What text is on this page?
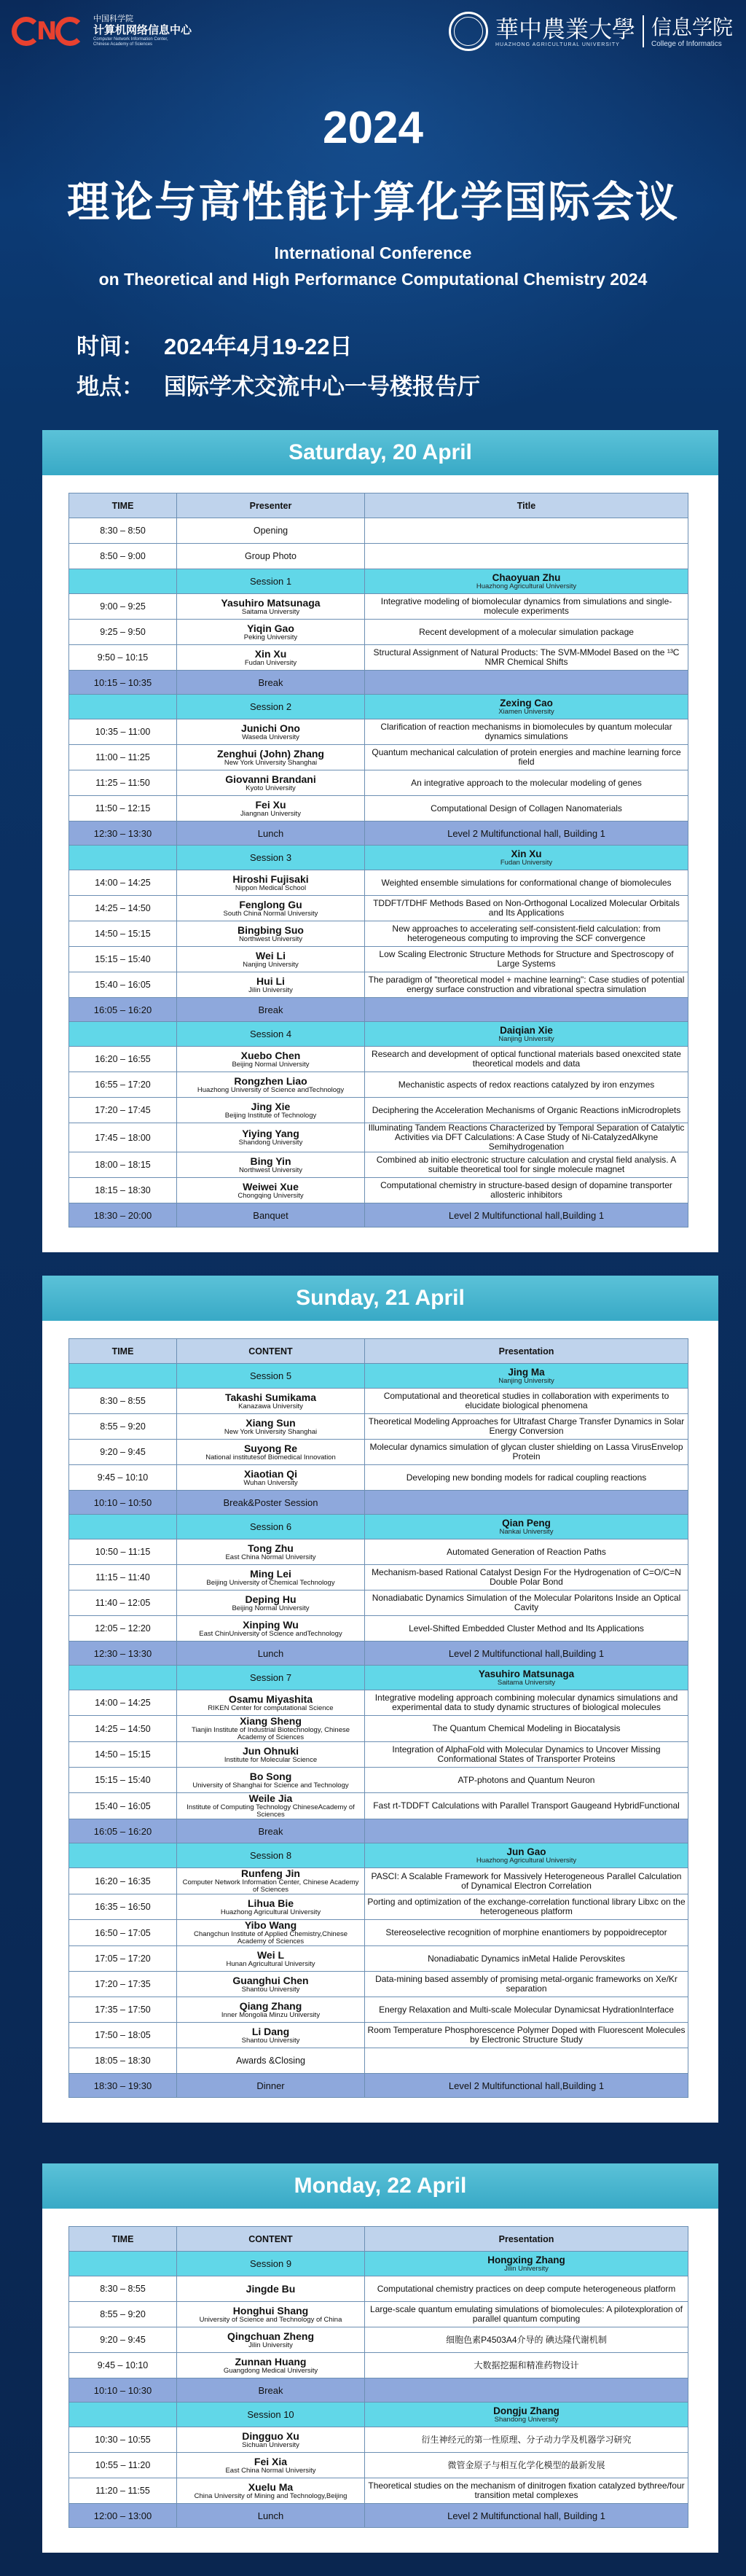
N	中国科学院
计算机网络信息中心
Computer Network Information Center,
Chinese Academy of Sciences
華中農業大學
HUAZHONG AGRICULTURAL UNIVERSITY
信息学院
College of Informatics
2024
理论与高性能计算化学国际会议
International Conference
on Theoretical and High Performance Computational Chemistry 2024
时间： 2024年4月19-22日
地点： 国际学术交流中心一号楼报告厅
Saturday, 20 April
TIME	Presenter	Title
8:30 – 8:50	Opening	
8:50 – 9:00	Group Photo	
	Session 1	Chaoyuan Zhu
Huazhong Agricultural University

9:00 – 9:25	Yasuhiro Matsunaga
Saitama University	Integrative modeling of biomolecular dynamics from simulations and single-molecule experiments
9:25 – 9:50	Yiqin Gao
Peking University	Recent development of a molecular simulation package
9:50 – 10:15	Xin Xu
Fudan University	Structural Assignment of Natural Products: The SVM-MModel Based on the ¹³C NMR Chemical Shifts
10:15 – 10:35	Break	
	Session 2	Zexing Cao
Xiamen University

10:35 – 11:00	Junichi Ono
Waseda University	Clarification of reaction mechanisms in biomolecules by quantum molecular dynamics simulations
11:00 – 11:25	Zenghui (John) Zhang
New York University Shanghai	Quantum mechanical calculation of protein energies and machine learning force field
11:25 – 11:50	Giovanni Brandani
Kyoto University	An integrative approach to the molecular modeling of genes
11:50 – 12:15	Fei Xu
Jiangnan University	Computational Design of Collagen Nanomaterials
12:30 – 13:30	Lunch	Level 2 Multifunctional hall, Building 1
	Session 3	Xin Xu
Fudan University

14:00 – 14:25	Hiroshi Fujisaki
Nippon Medical School	Weighted ensemble simulations for conformational change of biomolecules
14:25 – 14:50	Fenglong Gu
South China Normal University	TDDFT/TDHF Methods Based on Non-Orthogonal Localized Molecular Orbitals and Its Applications
14:50 – 15:15	Bingbing Suo
Northwest University	New approaches to accelerating self-consistent-field calculation: from heterogeneous computing to improving the SCF convergence
15:15 – 15:40	Wei Li
Nanjing University	Low Scaling Electronic Structure Methods for Structure and Spectroscopy of Large Systems
15:40 – 16:05	Hui Li
Jilin University	The paradigm of "theoretical model + machine learning": Case studies of potential energy surface construction and vibrational spectra simulation
16:05 – 16:20	Break	
	Session 4	Daiqian Xie
Nanjing University

16:20 – 16:55	Xuebo Chen
Beijing Normal University	Research and development of optical functional materials based onexcited state theoretical models and data
16:55 – 17:20	Rongzhen Liao
Huazhong University of Science andTechnology	Mechanistic aspects of redox reactions catalyzed by iron enzymes
17:20 – 17:45	Jing Xie
Beijing Institute of Technology	Deciphering the Acceleration Mechanisms of Organic Reactions inMicrodroplets
17:45 – 18:00	Yiying Yang
Shandong University	Illuminating Tandem Reactions Characterized by Temporal Separation of Catalytic Activities via DFT Calculations: A Case Study of Ni-CatalyzedAlkyne Semihydrogenation
18:00 – 18:15	Bing Yin
Northwest University	Combined ab initio electronic structure calculation and crystal field analysis. A suitable theoretical tool for single molecule magnet
18:15 – 18:30	Weiwei Xue
Chongqing University	Computational chemistry in structure-based design of dopamine transporter allosteric inhibitors
18:30 – 20:00	Banquet	Level 2 Multifunctional hall,Building 1
Sunday, 21 April
TIME	CONTENT	Presentation
	Session 5	Jing Ma
Nanjing University

8:30 – 8:55	Takashi Sumikama
Kanazawa University	Computational and theoretical studies in collaboration with experiments to elucidate biological phenomena
8:55 – 9:20	Xiang Sun
New York University Shanghai	Theoretical Modeling Approaches for Ultrafast Charge Transfer Dynamics in Solar Energy Conversion
9:20 – 9:45	Suyong Re
National institutesof Biomedical Innovation	Molecular dynamics simulation of glycan cluster shielding on Lassa VirusEnvelop Protein
9:45 – 10:10	Xiaotian Qi
Wuhan University	Developing new bonding models for radical coupling reactions
10:10 – 10:50	Break&Poster Session	
	Session 6	Qian Peng
Nankai University

10:50 – 11:15	Tong Zhu
East China Normal University	Automated Generation of Reaction Paths
11:15 – 11:40	Ming Lei
Beijing University of Chemical Technology	Mechanism-based Rational Catalyst Design For the Hydrogenation of C=O/C=N Double Polar Bond
11:40 – 12:05	Deping Hu
Beijing Normal University	Nonadiabatic Dynamics Simulation of the Molecular Polaritons Inside an Optical Cavity
12:05 – 12:20	Xinping Wu
East ChinUniversity of Science andTechnology	Level-Shifted Embedded Cluster Method and Its Applications
12:30 – 13:30	Lunch	Level 2 Multifunctional hall,Building 1
	Session 7	Yasuhiro Matsunaga
Saitama University

14:00 – 14:25	Osamu Miyashita
RIKEN Center for computational Science	Integrative modeling approach combining molecular dynamics simulations and experimental data to study dynamic structures of biological molecules
14:25 – 14:50	Xiang Sheng
Tianjin Institute of Industrial Biotechnology, Chinese Academy of Sciences	The Quantum Chemical Modeling in Biocatalysis
14:50 – 15:15	Jun Ohnuki
Institute for Molecular Science	Integration of AlphaFold with Molecular Dynamics to Uncover Missing Conformational States of Transporter Proteins
15:15 – 15:40	Bo Song
University of Shanghai for Science and Technology	ATP-photons and Quantum Neuron
15:40 – 16:05	Weile Jia
Institute of Computing Technology ChineseAcademy of Sciences	Fast rt-TDDFT Calculations with Parallel Transport Gaugeand HybridFunctional
16:05 – 16:20	Break	
	Session 8	Jun Gao
Huazhong Agricultural University

16:20 – 16:35	Runfeng Jin
Computer Network Information Center, Chinese Academy of Sciences	PASCI: A Scalable Framework for Massively Heterogeneous Parallel Calculation of Dynamical Electron Correlation
16:35 – 16:50	Lihua Bie
Huazhong Agricultural University	Porting and optimization of the exchange-correlation functional library Libxc on the heterogeneous platform
16:50 – 17:05	Yibo Wang
Changchun Institute of Applied Chemistry,Chinese Academy of Sciences	Stereoselective recognition of morphine enantiomers by poppoidreceptor
17:05 – 17:20	Wei L
Hunan Agricultural University	Nonadiabatic Dynamics inMetal Halide Perovskites
17:20 – 17:35	Guanghui Chen
Shantou University	Data-mining based assembly of promising metal-organic frameworks on Xe/Kr separation
17:35 – 17:50	Qiang Zhang
Inner Mongolia Minzu University	Energy Relaxation and Multi-scale Molecular Dynamicsat HydrationInterface
17:50 – 18:05	Li Dang
Shantou University	Room Temperature Phosphorescence Polymer Doped with Fluorescent Molecules by Electronic Structure Study
18:05 – 18:30	Awards &Closing	
18:30 – 19:30	Dinner	Level 2 Multifunctional hall,Building 1
Monday, 22 April
TIME	CONTENT	Presentation
	Session 9	Hongxing Zhang
Jilin University

8:30 – 8:55	Jingde Bu	Computational chemistry practices on deep compute heterogeneous platform
8:55 – 9:20	Honghui Shang
University of Science and Technology of China	Large-scale quantum emulating simulations of biomolecules: A pilotexploration of parallel quantum computing
9:20 – 9:45	Qingchuan Zheng
Jilin University	细胞色素P4503A4介导的 碘达隆代谢机制
9:45 – 10:10	Zunnan Huang
Guangdong Medical University	大数据挖掘和精准药物设计
10:10 – 10:30	Break	
	Session 10	Dongju Zhang
Shandong University

10:30 – 10:55	Dingguo Xu
Sichuan University	衍生神经元的第一性原理、分子动力学及机器学习研究
10:55 – 11:20	Fei Xia
East China Normal University	微管金原子与相互化学化模型的最新发展
11:20 – 11:55	Xuelu Ma
China University of Mining and Technology,Beijing	Theoretical studies on the mechanism of dinitrogen fixation catalyzed bythree/four transition metal complexes
12:00 – 13:00	Lunch	Level 2 Multifunctional hall, Building 1
